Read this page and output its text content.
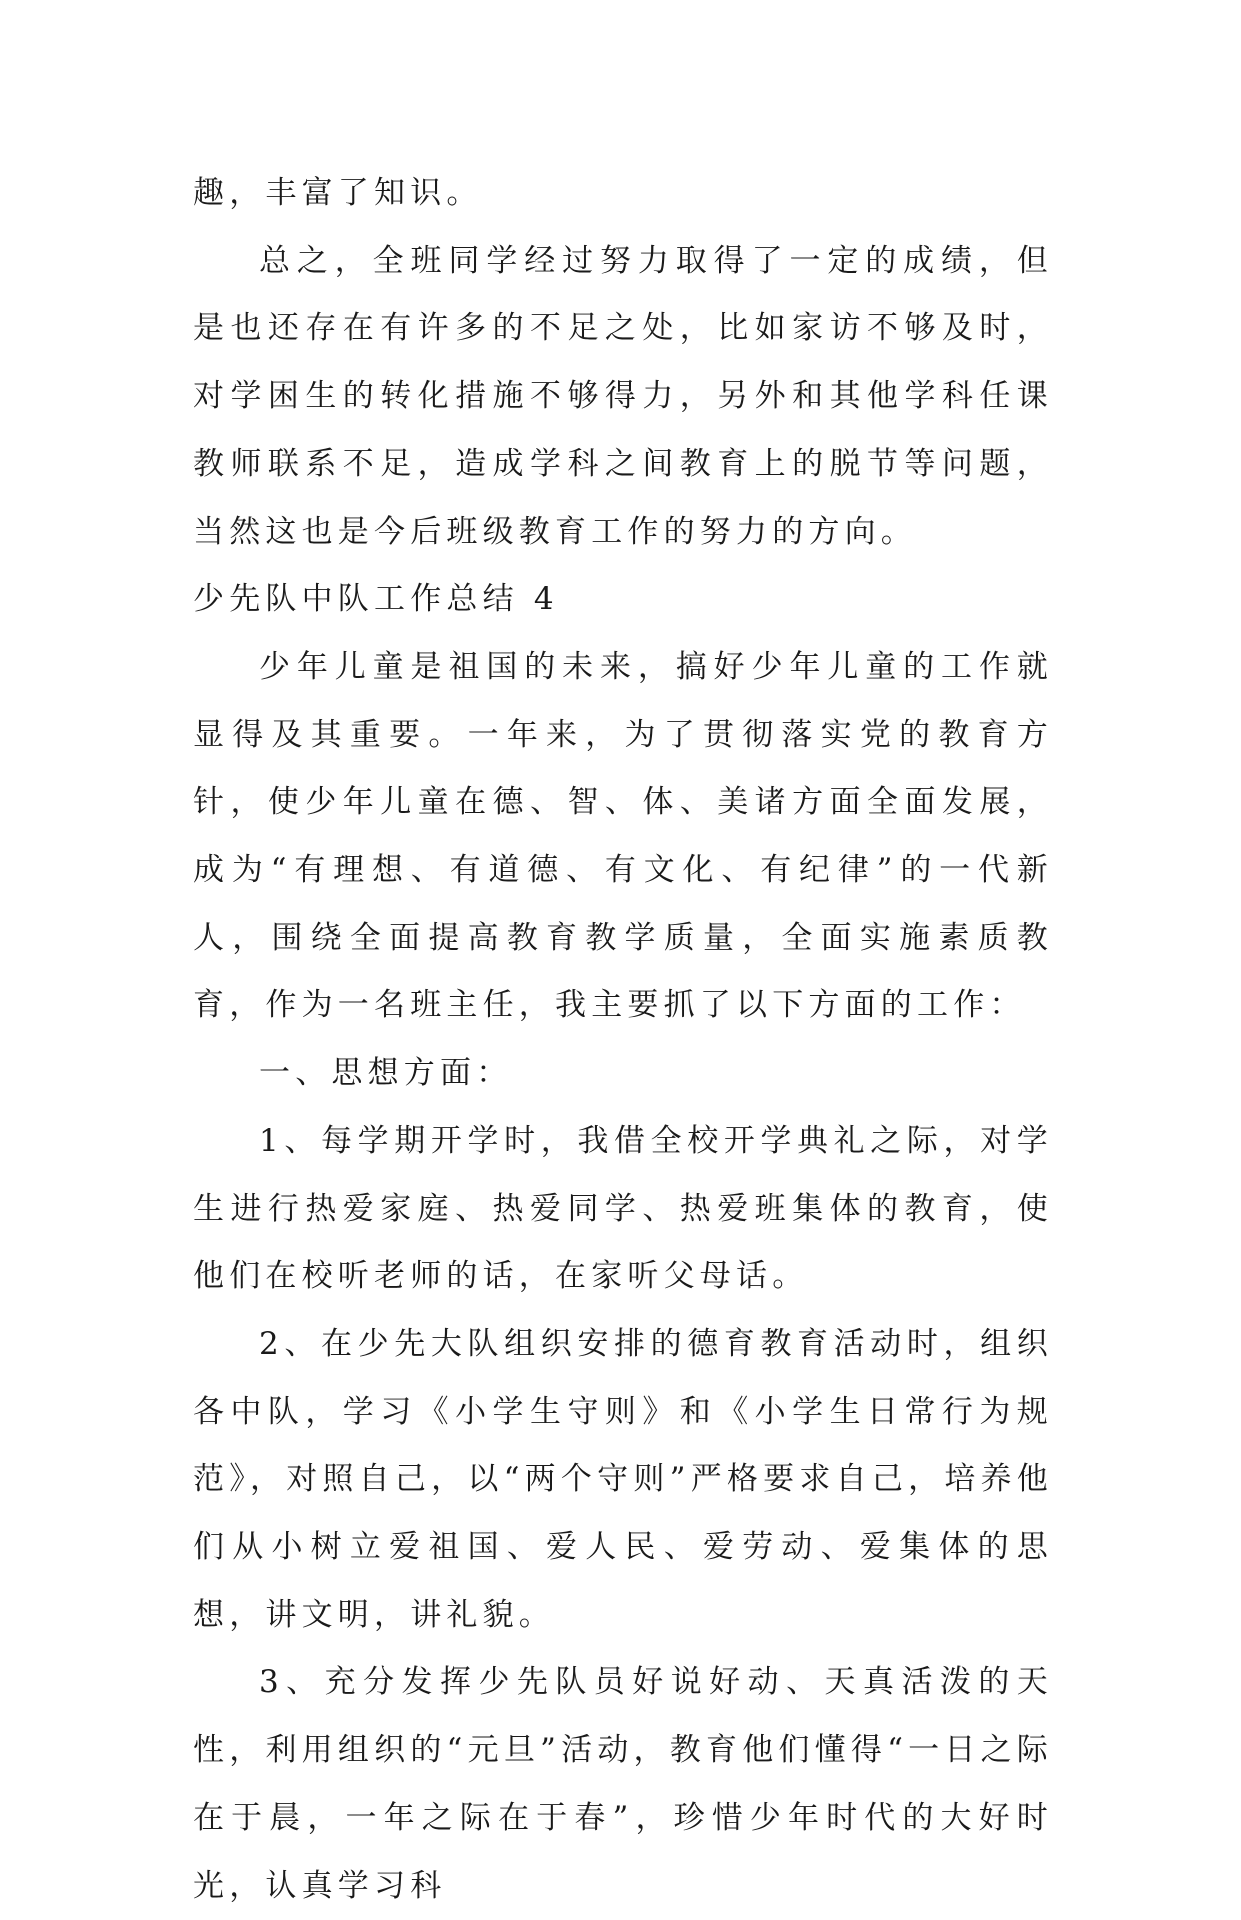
趣，丰富了知识。

总之，全班同学经过努力取得了一定的成绩，但是也还存在有许多的不足之处，比如家访不够及时，对学困生的转化措施不够得力，另外和其他学科任课教师联系不足，造成学科之间教育上的脱节等问题，当然这也是今后班级教育工作的努力的方向。

少先队中队工作总结 4

少年儿童是祖国的未来，搞好少年儿童的工作就显得及其重要。一年来，为了贯彻落实党的教育方针，使少年儿童在德、智、体、美诸方面全面发展，成为“有理想、有道德、有文化、有纪律”的一代新人，围绕全面提高教育教学质量，全面实施素质教育，作为一名班主任，我主要抓了以下方面的工作：

一、思想方面：

1、每学期开学时，我借全校开学典礼之际，对学生进行热爱家庭、热爱同学、热爱班集体的教育，使他们在校听老师的话，在家听父母话。

2、在少先大队组织安排的德育教育活动时，组织各中队，学习《小学生守则》和《小学生日常行为规范》，对照自己，以“两个守则”严格要求自己，培养他们从小树立爱祖国、爱人民、爱劳动、爱集体的思想，讲文明，讲礼貌。

3、充分发挥少先队员好说好动、天真活泼的天性，利用组织的“元旦”活动，教育他们懂得“一日之际在于晨，一年之际在于春”，珍惜少年时代的大好时光，认真学习科
